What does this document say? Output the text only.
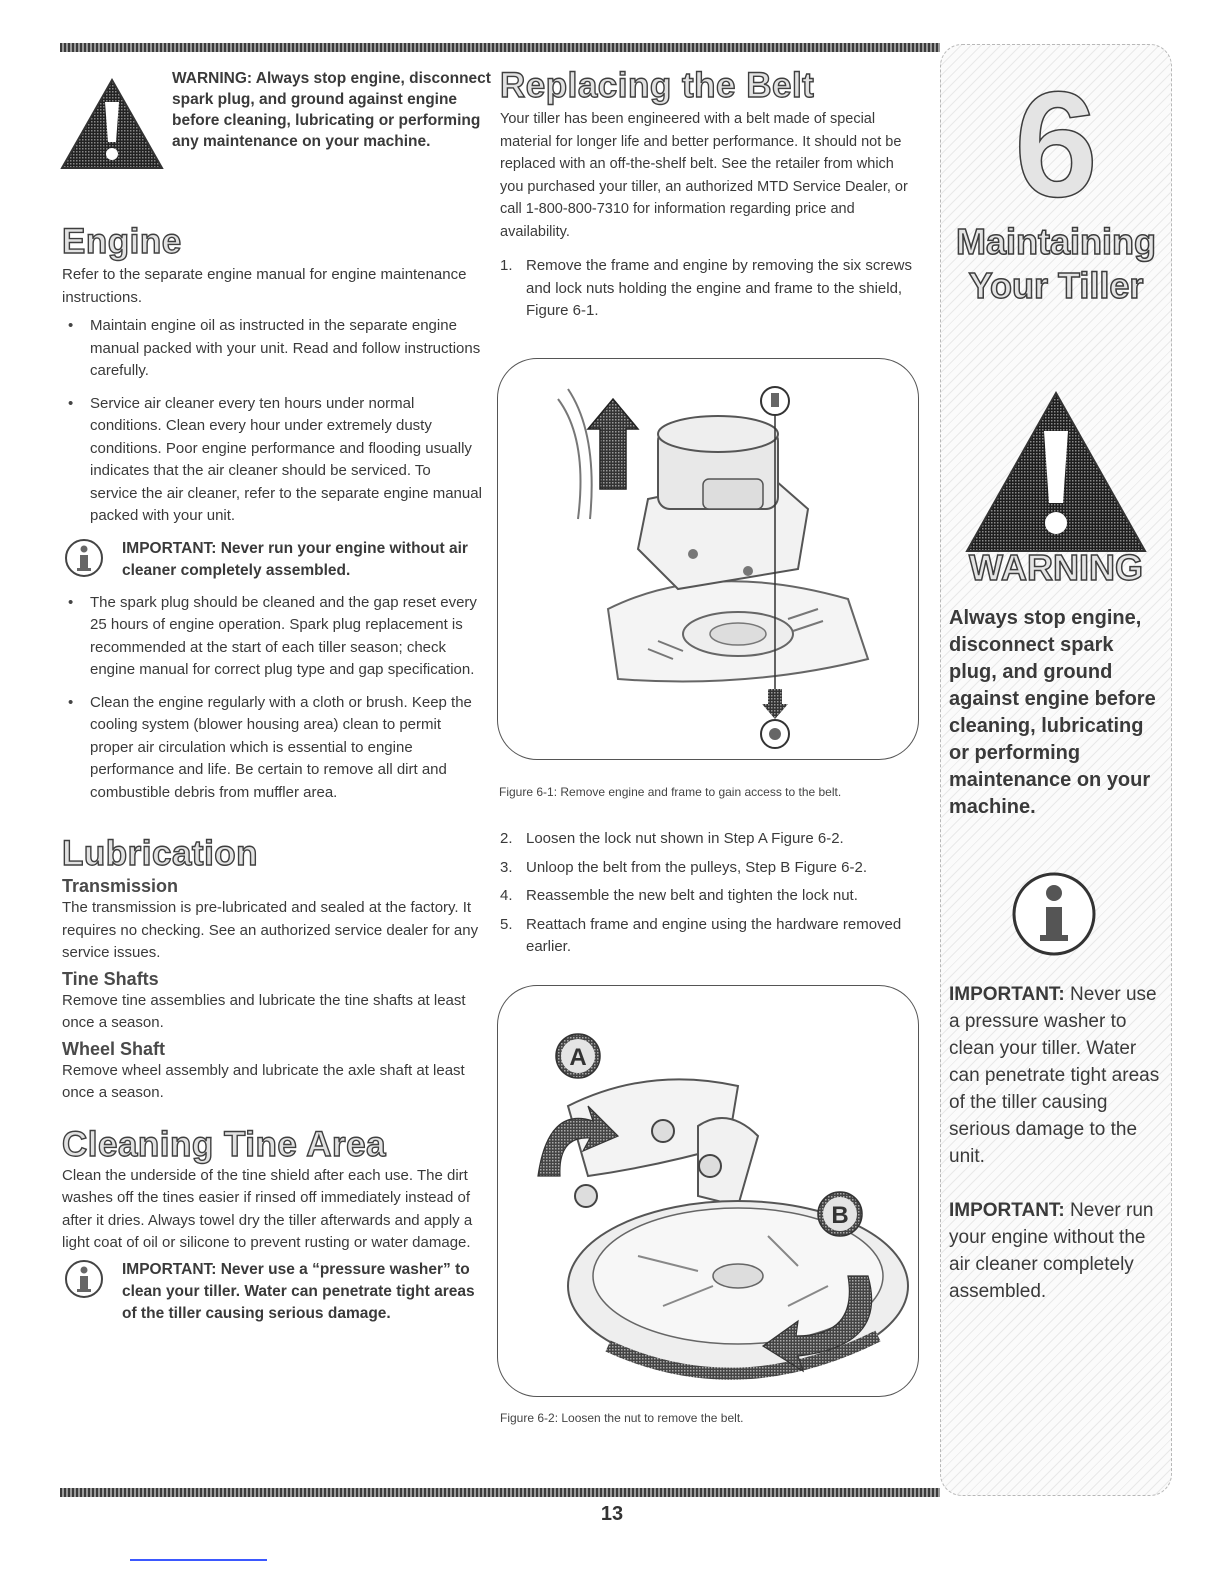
WARNING: Always stop engine, disconnect spark plug, and ground against engine before cleaning, lubricating or performing any maintenance on your machine.
Engine

Refer to the separate engine manual for engine maintenance instructions.

• Maintain engine oil as instructed in the separate engine manual packed with your unit. Read and follow instructions carefully.
• Service air cleaner every ten hours under normal conditions. Clean every hour under extremely dusty conditions. Poor engine performance and flooding usually indicates that the air cleaner should be serviced. To service the air cleaner, refer to the separate engine manual packed with your unit.
IMPORTANT: Never run your engine without air cleaner completely assembled.
• The spark plug should be cleaned and the gap reset every 25 hours of engine operation. Spark plug replacement is recommended at the start of each tiller season; check engine manual for correct plug type and gap specification.
• Clean the engine regularly with a cloth or brush. Keep the cooling system (blower housing area) clean to permit proper air circulation which is essential to engine performance and life. Be certain to remove all dirt and combustible debris from muffler area.
Lubrication
Transmission

The transmission is pre-lubricated and sealed at the factory. It requires no checking. See an authorized service dealer for any service issues.

Tine Shafts

Remove tine assemblies and lubricate the tine shafts at least once a season.

Wheel Shaft

Remove wheel assembly and lubricate the axle shaft at least once a season.

Cleaning Tine Area

Clean the underside of the tine shield after each use. The dirt washes off the tines easier if rinsed off immediately instead of after it dries. Always towel dry the tiller afterwards and apply a light coat of oil or silicone to prevent rusting or water damage.

IMPORTANT: Never use a “pressure washer” to clean your tiller. Water can penetrate tight areas of the tiller causing serious damage.
Replacing the Belt

Your tiller has been engineered with a belt made of special material for longer life and better performance. It should not be replaced with an off-the-shelf belt. See the retailer from which you purchased your tiller, an authorized MTD Service Dealer, or call 1-800-800-7310 for information regarding price and availability.

1. Remove the frame and engine by removing the six screws and lock nuts holding the engine and frame to the shield, Figure 6-1.
Figure 6-1: Remove engine and frame to gain access to the belt.
2. Loosen the lock nut shown in Step A Figure 6-2.
3. Unloop the belt from the pulleys, Step B Figure 6-2.
4. Reassemble the new belt and tighten the lock nut.
5. Reattach frame and engine using the hardware removed earlier.
A
B
Figure 6-2: Loosen the nut to remove the belt.
6
Maintaining
Your Tiller
WARNING
Always stop engine, disconnect spark plug, and ground against engine before cleaning, lubricating or performing maintenance on your machine.
IMPORTANT: Never use a pressure washer to clean your tiller. Water can penetrate tight areas of the tiller causing serious damage to the unit.
IMPORTANT: Never run your engine without the air cleaner completely assembled.
13
